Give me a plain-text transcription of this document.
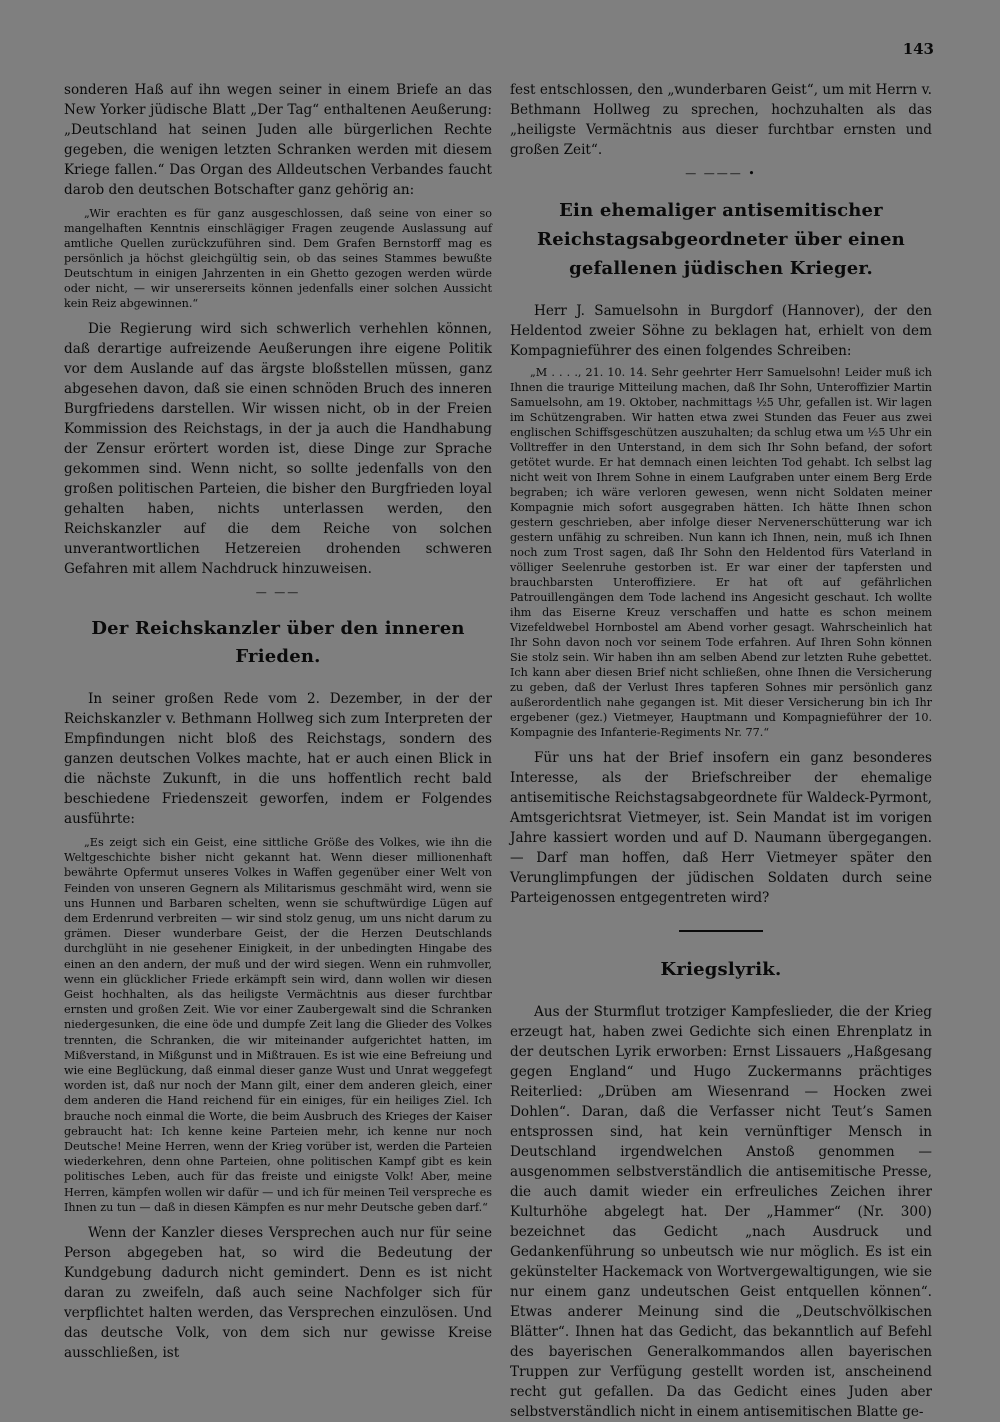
143

sonderen Haß auf ihn wegen seiner in einem Briefe an das New Yorker jüdische Blatt „Der Tag“ enthaltenen Aeußerung: „Deutschland hat seinen Juden alle bürgerlichen Rechte gegeben, die wenigen letzten Schranken werden mit diesem Kriege fallen.“ Das Organ des Alldeutschen Verbandes faucht darob den deutschen Botschafter ganz gehörig an:

„Wir erachten es für ganz ausgeschlossen, daß seine von einer so mangelhaften Kenntnis einschlägiger Fragen zeugende Auslassung auf amtliche Quellen zurückzuführen sind. Dem Grafen Bernstorff mag es persönlich ja höchst gleichgültig sein, ob das seines Stammes bewußte Deutschtum in einigen Jahrzenten in ein Ghetto gezogen werden würde oder nicht, — wir unsererseits können jedenfalls einer solchen Aussicht kein Reiz abgewinnen.“

Die Regierung wird sich schwerlich verhehlen können, daß derartige aufreizende Aeußerungen ihre eigene Politik vor dem Auslande auf das ärgste bloßstellen müssen, ganz abgesehen davon, daß sie einen schnöden Bruch des inneren Burgfriedens darstellen. Wir wissen nicht, ob in der Freien Kommission des Reichstags, in der ja auch die Handhabung der Zensur erörtert worden ist, diese Dinge zur Sprache gekommen sind. Wenn nicht, so sollte jedenfalls von den großen politischen Parteien, die bisher den Burgfrieden loyal gehalten haben, nichts unterlassen werden, den Reichskanzler auf die dem Reiche von solchen unverantwortlichen Hetzereien drohenden schweren Gefahren mit allem Nachdruck hinzuweisen.

— ——
Der Reichskanzler über den inneren Frieden.

In seiner großen Rede vom 2. Dezember, in der der Reichskanzler v. Bethmann Hollweg sich zum Interpreten der Empfindungen nicht bloß des Reichstags, sondern des ganzen deutschen Volkes machte, hat er auch einen Blick in die nächste Zukunft, in die uns hoffentlich recht bald beschiedene Friedenszeit geworfen, indem er Folgendes ausführte:

„Es zeigt sich ein Geist, eine sittliche Größe des Volkes, wie ihn die Weltgeschichte bisher nicht gekannt hat. Wenn dieser millionenhaft bewährte Opfermut unseres Volkes in Waffen gegenüber einer Welt von Feinden von unseren Gegnern als Militarismus geschmäht wird, wenn sie uns Hunnen und Barbaren schelten, wenn sie schuftwürdige Lügen auf dem Erdenrund verbreiten — wir sind stolz genug, um uns nicht darum zu grämen. Dieser wunderbare Geist, der die Herzen Deutschlands durchglüht in nie gesehener Einigkeit, in der unbedingten Hingabe des einen an den andern, der muß und der wird siegen. Wenn ein ruhmvoller, wenn ein glücklicher Friede erkämpft sein wird, dann wollen wir diesen Geist hochhalten, als das heiligste Vermächtnis aus dieser furchtbar ernsten und großen Zeit. Wie vor einer Zaubergewalt sind die Schranken niedergesunken, die eine öde und dumpfe Zeit lang die Glieder des Volkes trennten, die Schranken, die wir miteinander aufgerichtet hatten, im Mißverstand, in Mißgunst und in Mißtrauen. Es ist wie eine Befreiung und wie eine Beglückung, daß einmal dieser ganze Wust und Unrat weggefegt worden ist, daß nur noch der Mann gilt, einer dem anderen gleich, einer dem anderen die Hand reichend für ein einiges, für ein heiliges Ziel. Ich brauche noch einmal die Worte, die beim Ausbruch des Krieges der Kaiser gebraucht hat: Ich kenne keine Parteien mehr, ich kenne nur noch Deutsche! Meine Herren, wenn der Krieg vorüber ist, werden die Parteien wiederkehren, denn ohne Parteien, ohne politischen Kampf gibt es kein politisches Leben, auch für das freiste und einigste Volk! Aber, meine Herren, kämpfen wollen wir dafür — und ich für meinen Teil verspreche es Ihnen zu tun — daß in diesen Kämpfen es nur mehr Deutsche geben darf.“

Wenn der Kanzler dieses Versprechen auch nur für seine Person abgegeben hat, so wird die Bedeutung der Kundgebung dadurch nicht gemindert. Denn es ist nicht daran zu zweifeln, daß auch seine Nachfolger sich für verpflichtet halten werden, das Versprechen einzulösen. Und das deutsche Volk, von dem sich nur gewisse Kreise ausschließen, ist

fest entschlossen, den „wunderbaren Geist“, um mit Herrn v. Bethmann Hollweg zu sprechen, hochzuhalten als das „heiligste Vermächtnis aus dieser furchtbar ernsten und großen Zeit“.

— ——— •
Ein ehemaliger antisemitischer Reichstagsabgeordneter über einen gefallenen jüdischen Krieger.

Herr J. Samuelsohn in Burgdorf (Hannover), der den Heldentod zweier Söhne zu beklagen hat, erhielt von dem Kompagnieführer des einen folgendes Schreiben:

„M . . . ., 21. 10. 14. Sehr geehrter Herr Samuelsohn! Leider muß ich Ihnen die traurige Mitteilung machen, daß Ihr Sohn, Unteroffizier Martin Samuelsohn, am 19. Oktober, nachmittags ½5 Uhr, gefallen ist. Wir lagen im Schützengraben. Wir hatten etwa zwei Stunden das Feuer aus zwei englischen Schiffsgeschützen auszuhalten; da schlug etwa um ½5 Uhr ein Volltreffer in den Unterstand, in dem sich Ihr Sohn befand, der sofort getötet wurde. Er hat demnach einen leichten Tod gehabt. Ich selbst lag nicht weit von Ihrem Sohne in einem Laufgraben unter einem Berg Erde begraben; ich wäre verloren gewesen, wenn nicht Soldaten meiner Kompagnie mich sofort ausgegraben hätten. Ich hätte Ihnen schon gestern geschrieben, aber infolge dieser Nervenerschütterung war ich gestern unfähig zu schreiben. Nun kann ich Ihnen, nein, muß ich Ihnen noch zum Trost sagen, daß Ihr Sohn den Heldentod fürs Vaterland in völliger Seelenruhe gestorben ist. Er war einer der tapfersten und brauchbarsten Unteroffiziere. Er hat oft auf gefährlichen Patrouillengängen dem Tode lachend ins Angesicht geschaut. Ich wollte ihm das Eiserne Kreuz verschaffen und hatte es schon meinem Vizefeldwebel Hornbostel am Abend vorher gesagt. Wahrscheinlich hat Ihr Sohn davon noch vor seinem Tode erfahren. Auf Ihren Sohn können Sie stolz sein. Wir haben ihn am selben Abend zur letzten Ruhe gebettet. Ich kann aber diesen Brief nicht schließen, ohne Ihnen die Versicherung zu geben, daß der Verlust Ihres tapferen Sohnes mir persönlich ganz außerordentlich nahe gegangen ist. Mit dieser Versicherung bin ich Ihr ergebener (gez.) Vietmeyer, Hauptmann und Kompagnieführer der 10. Kompagnie des Infanterie-Regiments Nr. 77.“

Für uns hat der Brief insofern ein ganz besonderes Interesse, als der Briefschreiber der ehemalige antisemitische Reichstagsabgeordnete für Waldeck-Pyrmont, Amtsgerichtsrat Vietmeyer, ist. Sein Mandat ist im vorigen Jahre kassiert worden und auf D. Naumann übergegangen. — Darf man hoffen, daß Herr Vietmeyer später den Verunglimpfungen der jüdischen Soldaten durch seine Parteigenossen entgegentreten wird?

Kriegslyrik.

Aus der Sturmflut trotziger Kampfeslieder, die der Krieg erzeugt hat, haben zwei Gedichte sich einen Ehrenplatz in der deutschen Lyrik erworben: Ernst Lissauers „Haßgesang gegen England“ und Hugo Zuckermanns prächtiges Reiterlied: „Drüben am Wiesenrand — Hocken zwei Dohlen“. Daran, daß die Verfasser nicht Teut’s Samen entsprossen sind, hat kein vernünftiger Mensch in Deutschland irgendwelchen Anstoß genommen — ausgenommen selbstverständlich die antisemitische Presse, die auch damit wieder ein erfreuliches Zeichen ihrer Kulturhöhe abgelegt hat. Der „Hammer“ (Nr. 300) bezeichnet das Gedicht „nach Ausdruck und Gedankenführung so unbeutsch wie nur möglich. Es ist ein gekünstelter Hackemack von Wortvergewaltigungen, wie sie nur einem ganz undeutschen Geist entquellen können“. Etwas anderer Meinung sind die „Deutschvölkischen Blätter“. Ihnen hat das Gedicht, das bekanntlich auf Befehl des bayerischen Generalkommandos allen bayerischen Truppen zur Verfügung gestellt worden ist, anscheinend recht gut gefallen. Da das Gedicht eines Juden aber selbstverständlich nicht in einem antisemitischen Blatte ge-
